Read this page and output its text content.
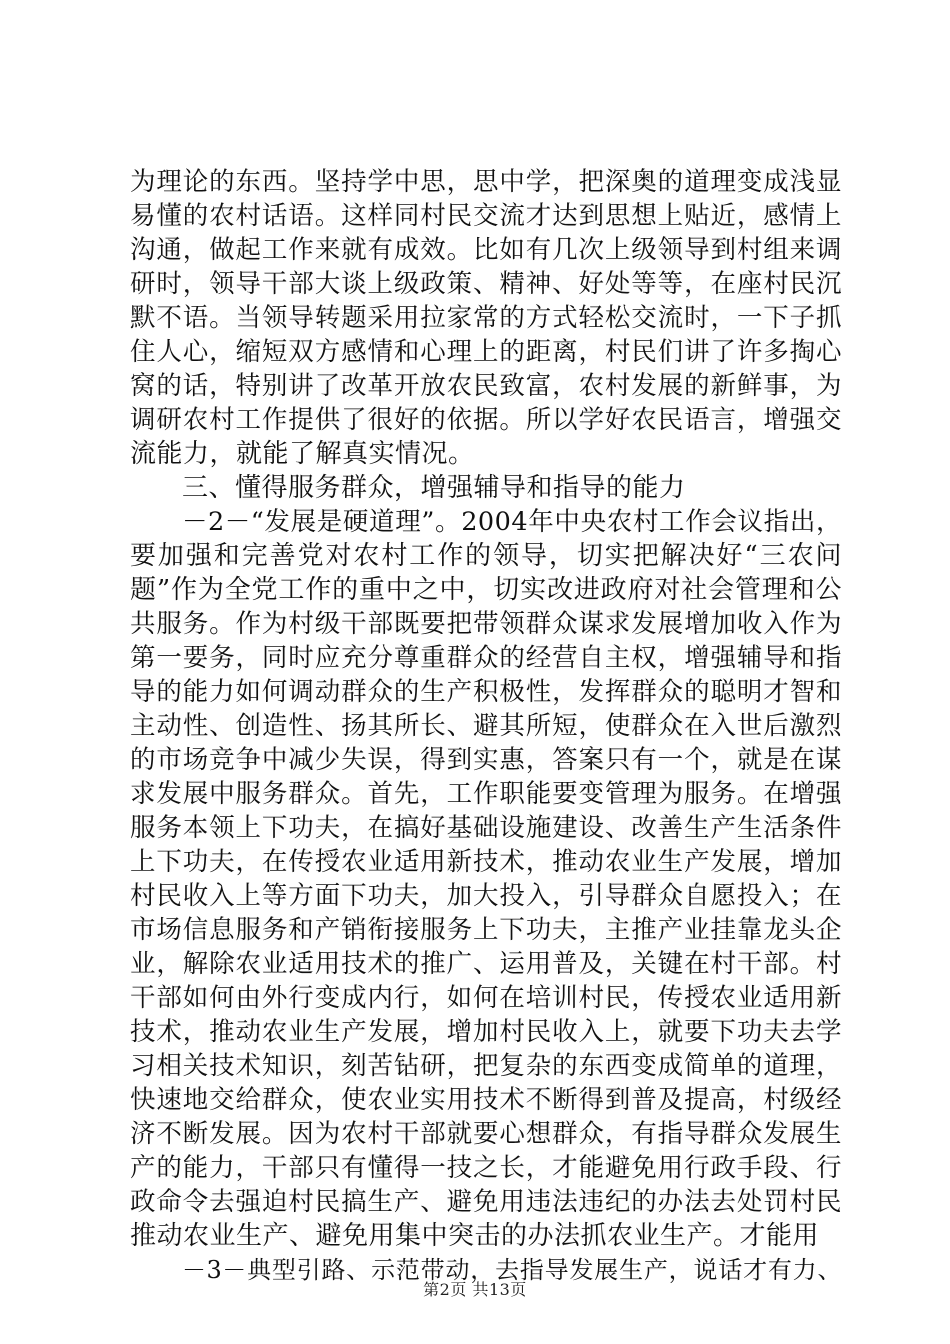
为理论的东西。坚持学中思，思中学，把深奥的道理变成浅显
易懂的农村话语。这样同村民交流才达到思想上贴近，感情上
沟通，做起工作来就有成效。比如有几次上级领导到村组来调
研时，领导干部大谈上级政策、精神、好处等等，在座村民沉
默不语。当领导转题采用拉家常的方式轻松交流时，一下子抓
住人心，缩短双方感情和心理上的距离，村民们讲了许多掏心
窝的话，特别讲了改革开放农民致富，农村发展的新鲜事，为
调研农村工作提供了很好的依据。所以学好农民语言，增强交
流能力，就能了解真实情况。
三、懂得服务群众，增强辅导和指导的能力
－2－“发展是硬道理”。2004年中央农村工作会议指出，
要加强和完善党对农村工作的领导，切实把解决好“三农问
题”作为全党工作的重中之中，切实改进政府对社会管理和公
共服务。作为村级干部既要把带领群众谋求发展增加收入作为
第一要务，同时应充分尊重群众的经营自主权，增强辅导和指
导的能力如何调动群众的生产积极性，发挥群众的聪明才智和
主动性、创造性、扬其所长、避其所短，使群众在入世后激烈
的市场竞争中减少失误，得到实惠，答案只有一个，就是在谋
求发展中服务群众。首先，工作职能要变管理为服务。在增强
服务本领上下功夫，在搞好基础设施建设、改善生产生活条件
上下功夫，在传授农业适用新技术，推动农业生产发展，增加
村民收入上等方面下功夫，加大投入，引导群众自愿投入；在
市场信息服务和产销衔接服务上下功夫，主推产业挂靠龙头企
业，解除农业适用技术的推广、运用普及，关键在村干部。村
干部如何由外行变成内行，如何在培训村民，传授农业适用新
技术，推动农业生产发展，增加村民收入上，就要下功夫去学
习相关技术知识，刻苦钻研，把复杂的东西变成简单的道理，
快速地交给群众，使农业实用技术不断得到普及提高，村级经
济不断发展。因为农村干部就要心想群众，有指导群众发展生
产的能力，干部只有懂得一技之长，才能避免用行政手段、行
政命令去强迫村民搞生产、避免用违法违纪的办法去处罚村民
推动农业生产、避免用集中突击的办法抓农业生产。才能用
－3－典型引路、示范带动，去指导发展生产，说话才有力、
第2页 共13页
